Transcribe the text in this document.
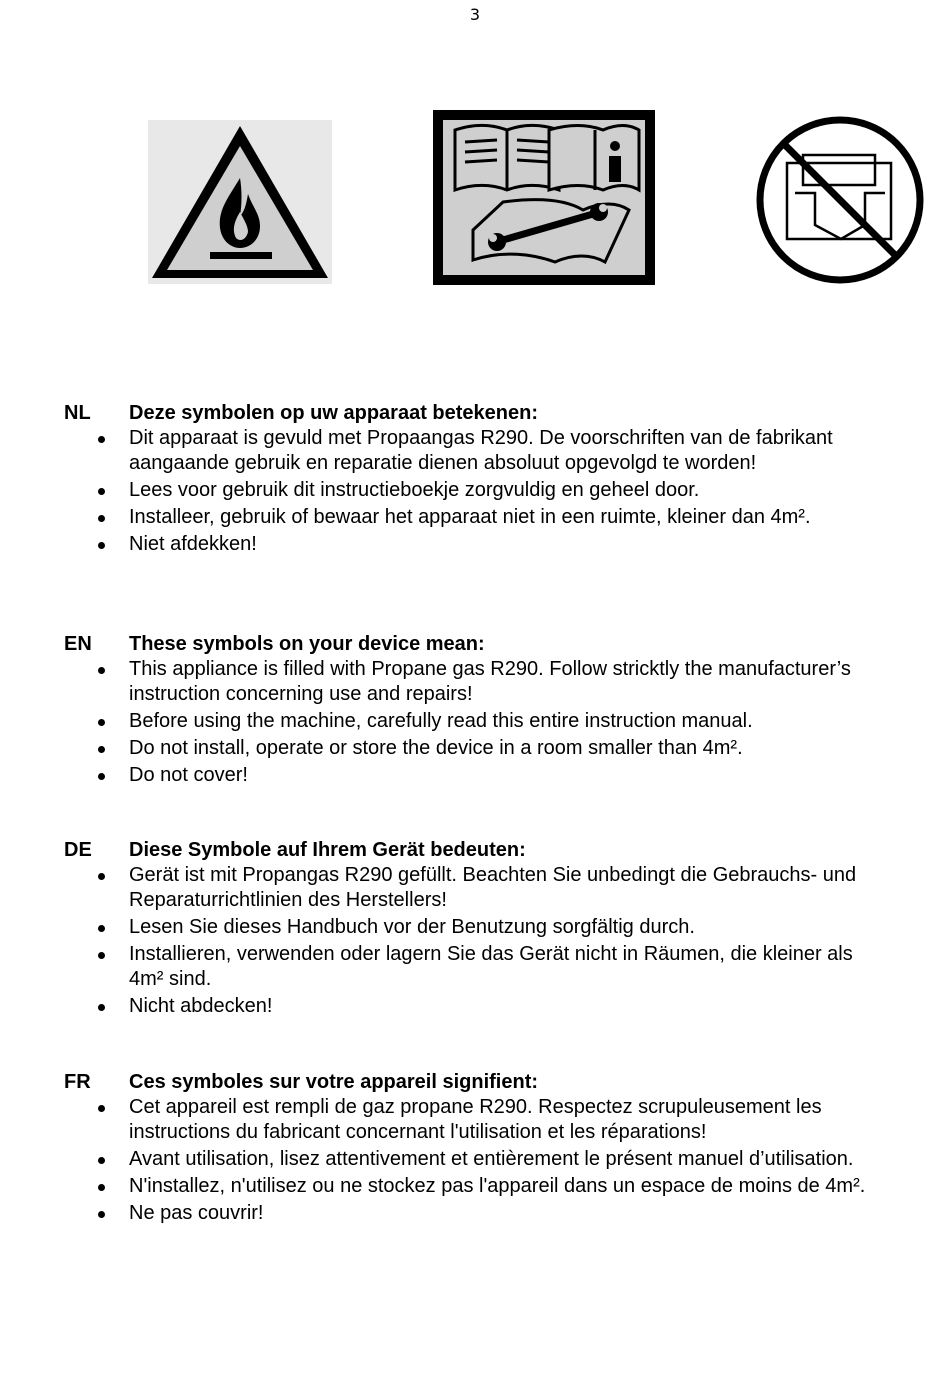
3
NL Deze symbolen op uw apparaat betekenen:
Dit apparaat is gevuld met Propaangas R290. De voorschriften van de fabrikant aangaande gebruik en reparatie dienen absoluut opgevolgd te worden!
Lees voor gebruik dit instructieboekje zorgvuldig en geheel door.
Installeer, gebruik of bewaar het apparaat niet in een ruimte, kleiner dan 4m².
Niet afdekken!
EN These symbols on your device mean:
This appliance is filled with Propane gas R290. Follow stricktly the manufacturer’s instruction concerning use and repairs!
Before using the machine, carefully read this entire instruction manual.
Do not install, operate or store the device in a room smaller than 4m².
Do not cover!
DE Diese Symbole auf Ihrem Gerät bedeuten:
Gerät ist mit Propangas R290 gefüllt. Beachten Sie unbedingt die Gebrauchs- und Reparaturrichtlinien des Herstellers!
Lesen Sie dieses Handbuch vor der Benutzung sorgfältig durch.
Installieren, verwenden oder lagern Sie das Gerät nicht in Räumen, die kleiner als 4m² sind.
Nicht abdecken!
FR Ces symboles sur votre appareil signifient:
Cet appareil est rempli de gaz propane R290. Respectez scrupuleusement les instructions du fabricant concernant l'utilisation et les réparations!
Avant utilisation, lisez attentivement et entièrement le présent manuel d’utilisation.
N'installez, n'utilisez ou ne stockez pas l'appareil dans un espace de moins de 4m².
Ne pas couvrir!
